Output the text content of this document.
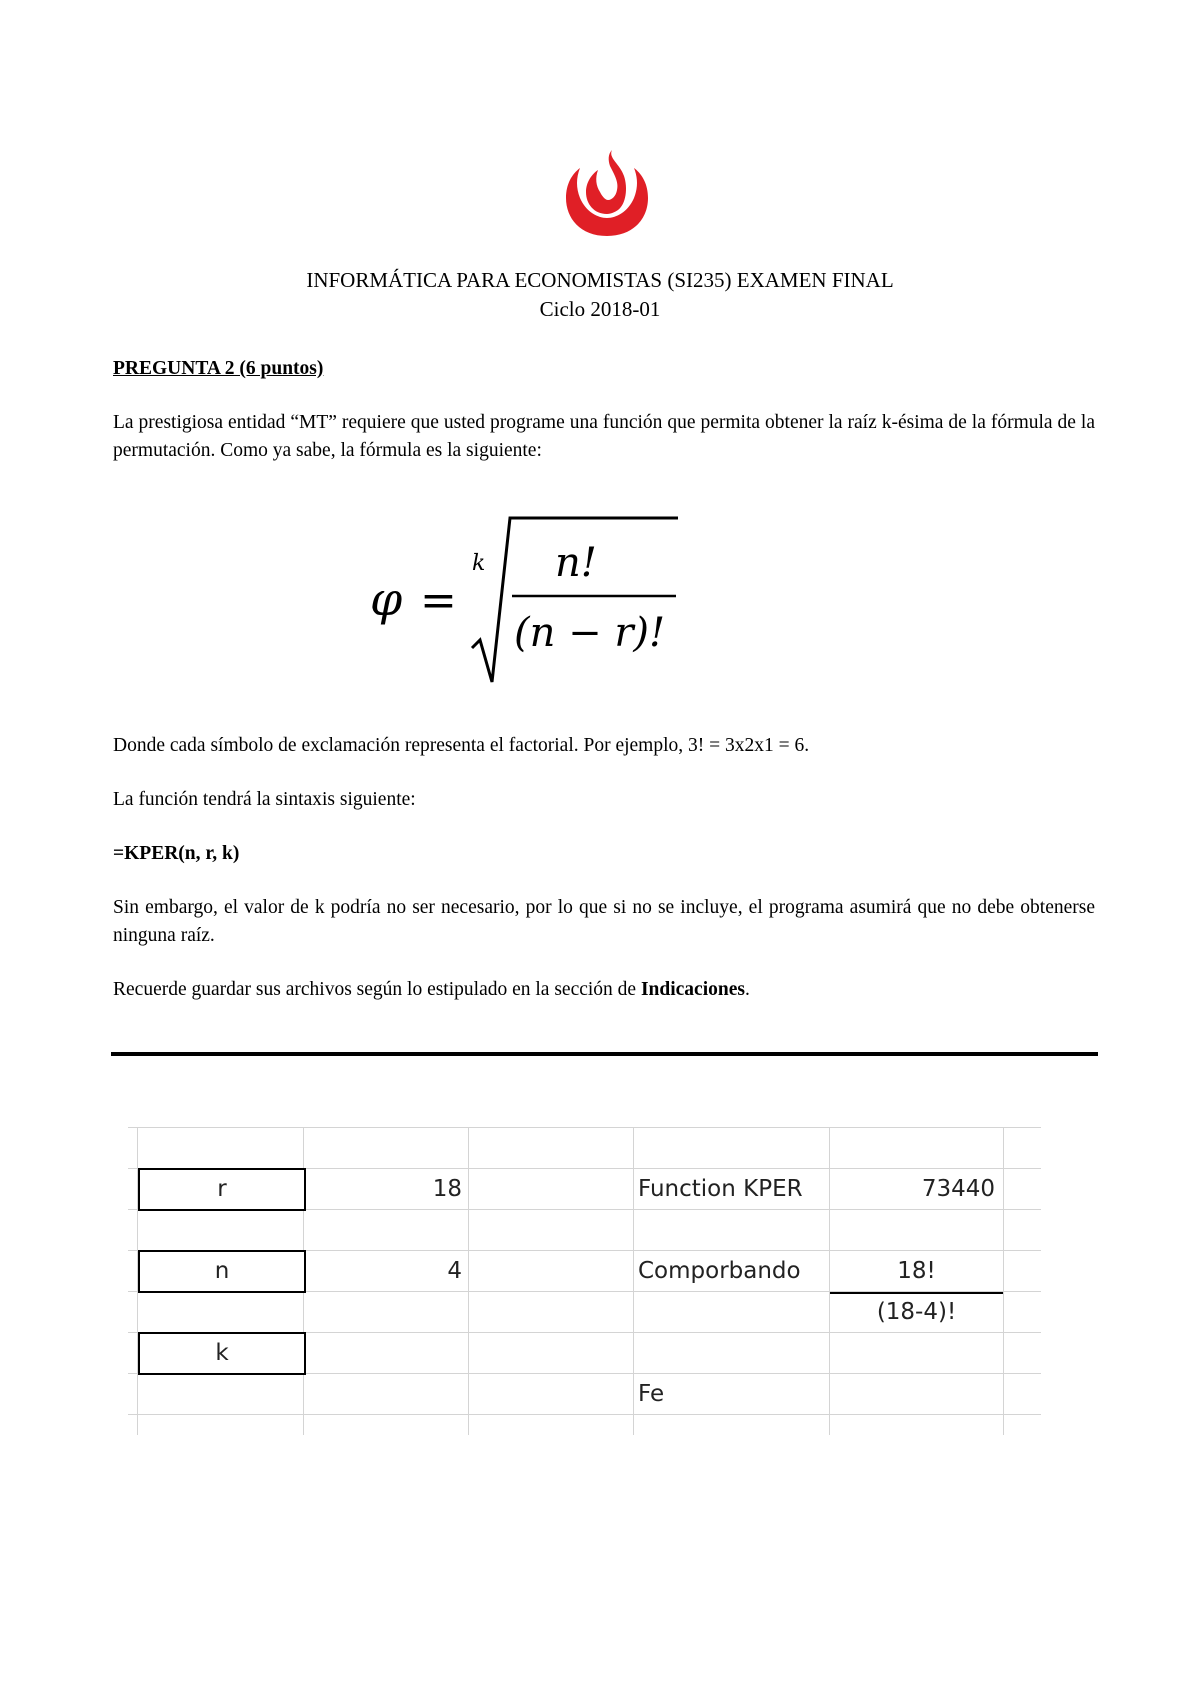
INFORMÁTICA PARA ECONOMISTAS (SI235) EXAMEN FINAL
Ciclo 2018-01
PREGUNTA 2 (6 puntos)
La prestigiosa entidad “MT” requiere que usted programe una función que permita obtener la raíz k-ésima de la fórmula de la permutación. Como ya sabe, la fórmula es la siguiente:
φ =
k n!
(n − r)!
Donde cada símbolo de exclamación representa el factorial. Por ejemplo, 3! = 3x2x1 = 6.
La función tendrá la sintaxis siguiente:
=KPER(n, r, k)
Sin embargo, el valor de k podría no ser necesario, por lo que si no se incluye, el programa asumirá que no debe obtenerse ninguna raíz.
Recuerde guardar sus archivos según lo estipulado en la sección de Indicaciones.
r
n
k
18
4
Function KPER	73440
Comporbando	18!
(18-4)!
Fe
